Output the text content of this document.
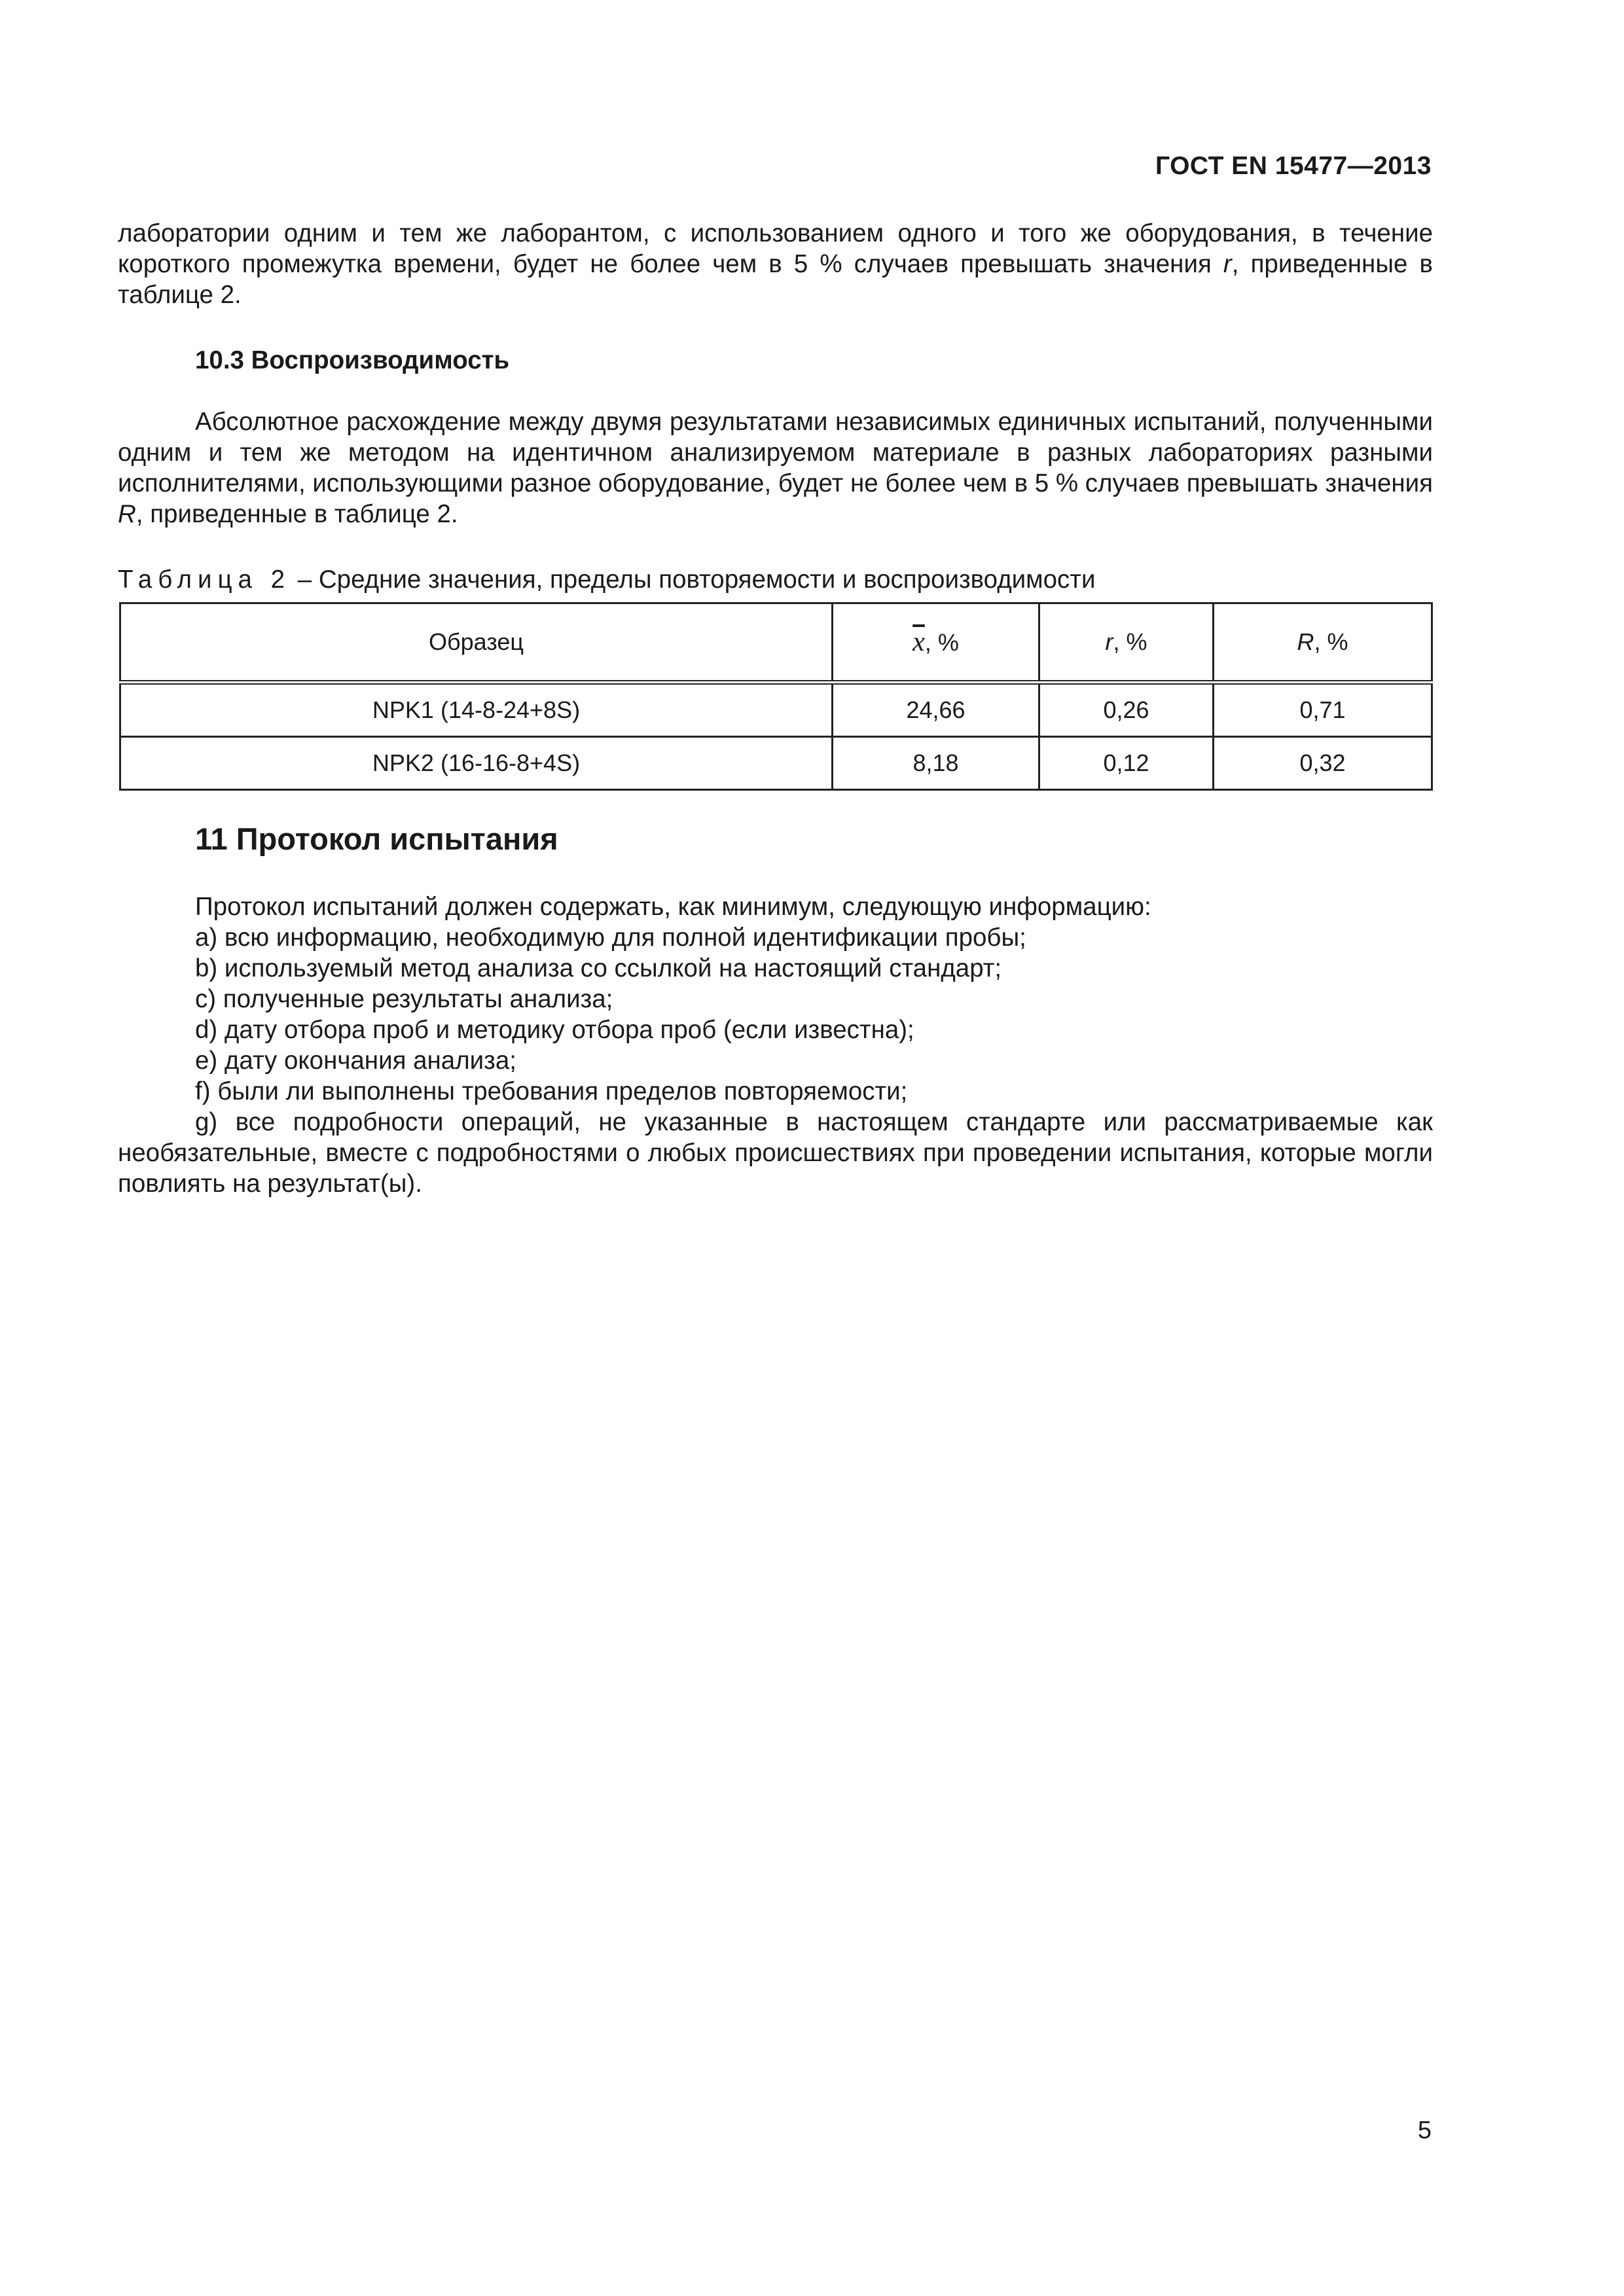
ГОСТ EN 15477—2013

лаборатории одним и тем же лаборантом, с использованием одного и того же оборудования, в течение короткого промежутка времени, будет не более чем в 5 % случаев превышать значения r, приведенные в таблице 2.

10.3 Воспроизводимость

Абсолютное расхождение между двумя результатами независимых единичных испытаний, полученными одним и тем же методом на идентичном анализируемом материале в разных лабораториях разными исполнителями, использующими разное оборудование, будет не более чем в 5 % случаев превышать значения R, приведенные в таблице 2.

Таблица 2 – Средние значения, пределы повторяемости и воспроизводимости
Образец	$\overline{x}$, %	r, %	R, %
NPK1 (14-8-24+8S)	24,66	0,26	0,71
NPK2 (16-16-8+4S)	8,18	0,12	0,32
11 Протокол испытания

Протокол испытаний должен содержать, как минимум, следующую информацию:

a) всю информацию, необходимую для полной идентификации пробы;

b) используемый метод анализа со ссылкой на настоящий стандарт;

c) полученные результаты анализа;

d) дату отбора проб и методику отбора проб (если известна);

e) дату окончания анализа;

f) были ли выполнены требования пределов повторяемости;

g) все подробности операций, не указанные в настоящем стандарте или рассматриваемые как необязательные, вместе с подробностями о любых происшествиях при проведении испытания, которые могли повлиять на результат(ы).

5
